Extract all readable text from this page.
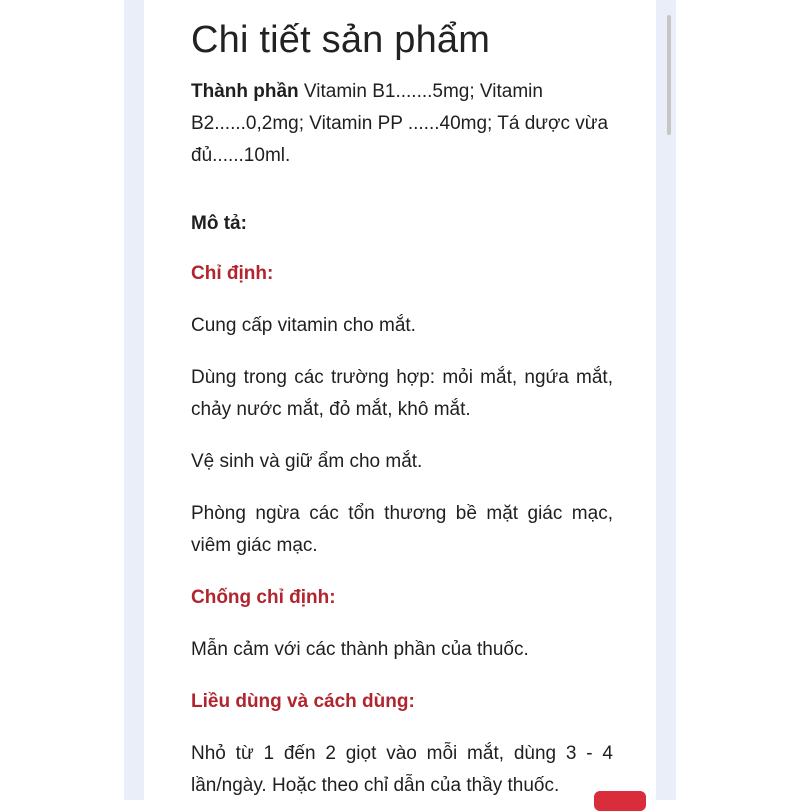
Chi tiết sản phẩm

Thành phần Vitamin B1.......5mg; Vitamin B2......0,2mg; Vitamin PP ......40mg; Tá dược vừa đủ......10ml.

Mô tả:

Chỉ định:

Cung cấp vitamin cho mắt.

Dùng trong các trường hợp: mỏi mắt, ngứa mắt, chảy nước mắt, đỏ mắt, khô mắt.

Vệ sinh và giữ ẩm cho mắt.

Phòng ngừa các tổn thương bề mặt giác mạc, viêm giác mạc.

Chống chỉ định:

Mẫn cảm với các thành phần của thuốc.

Liều dùng và cách dùng:

Nhỏ từ 1 đến 2 giọt vào mỗi mắt, dùng 3 - 4 lần/ngày. Hoặc theo chỉ dẫn của thầy thuốc.
